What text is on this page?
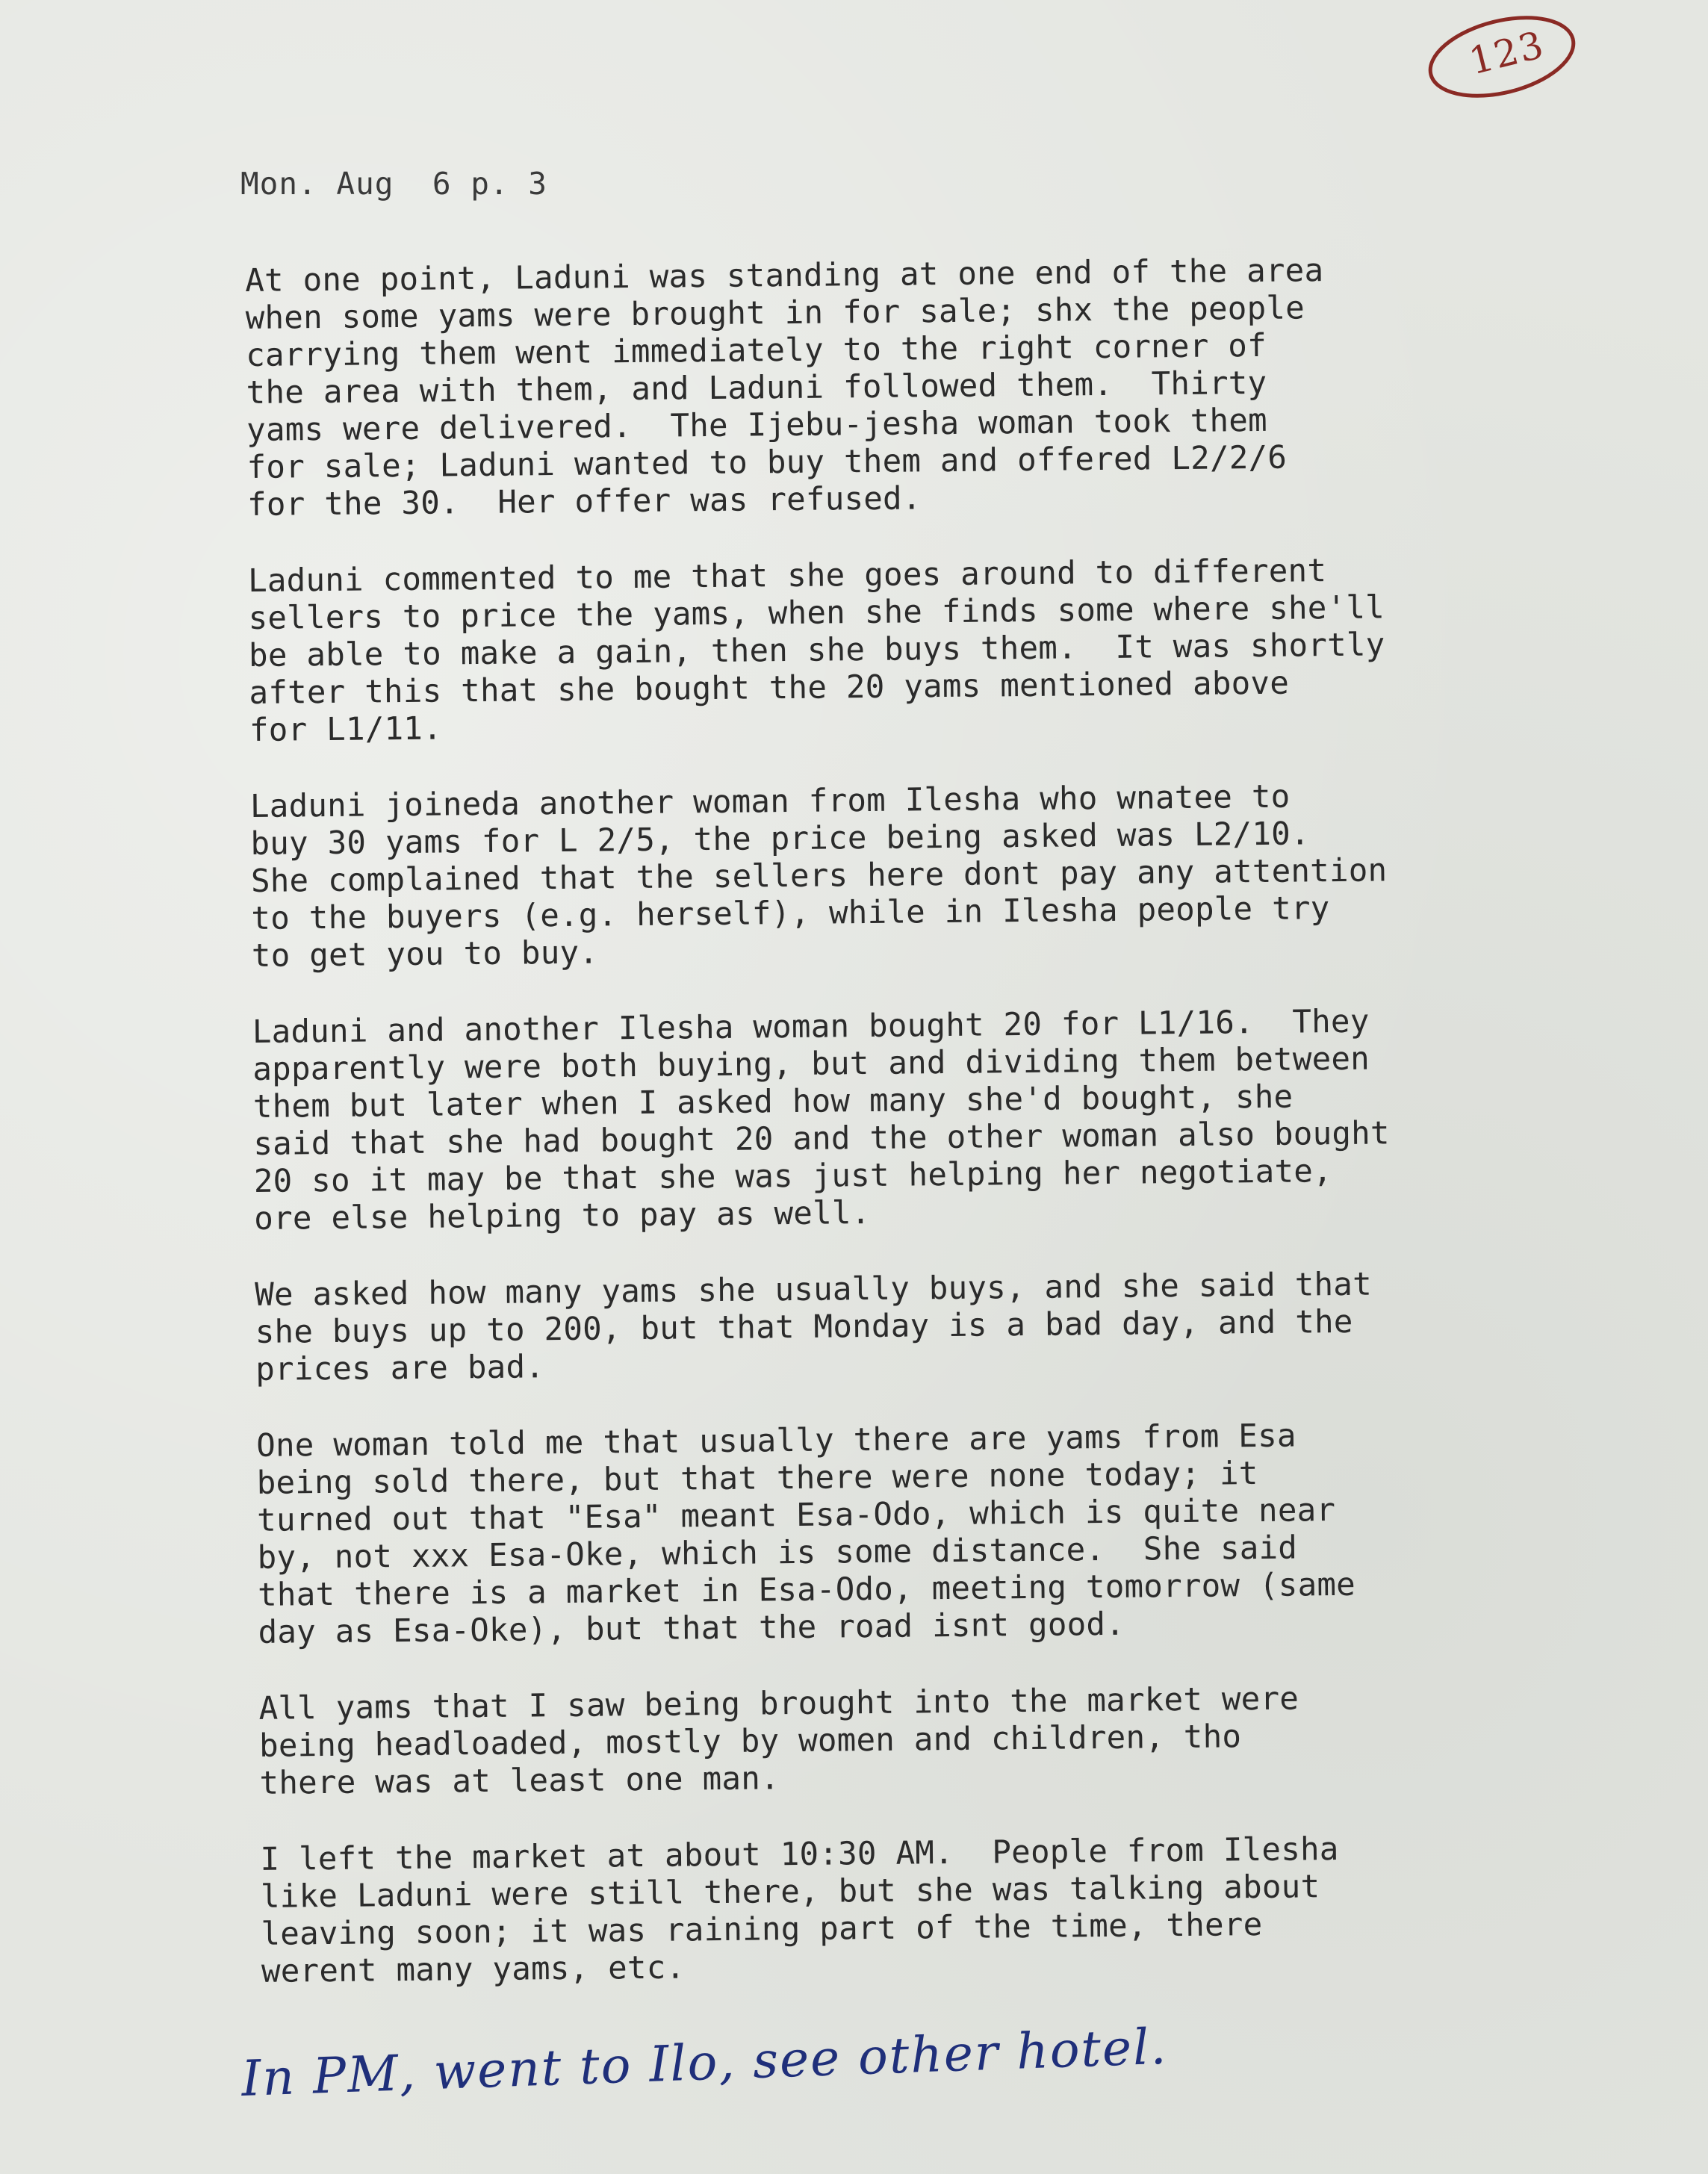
123
Mon. Aug  6 p. 3
At one point, Laduni was standing at one end of the area
when some yams were brought in for sale; shx the people
carrying them went immediately to the right corner of
the area with them, and Laduni followed them.  Thirty
yams were delivered.  The Ijebu-jesha woman took them
for sale; Laduni wanted to buy them and offered L2/2/6
for the 30.  Her offer was refused.
Laduni commented to me that she goes around to different
sellers to price the yams, when she finds some where she'll
be able to make a gain, then she buys them.  It was shortly
after this that she bought the 20 yams mentioned above
for L1/11.
Laduni joineda another woman from Ilesha who wnatee to
buy 30 yams for L 2/5, the price being asked was L2/10.
She complained that the sellers here dont pay any attention
to the buyers (e.g. herself), while in Ilesha people try
to get you to buy.
Laduni and another Ilesha woman bought 20 for L1/16.  They
apparently were both buying, but and dividing them between
them but later when I asked how many she'd bought, she
said that she had bought 20 and the other woman also bought
20 so it may be that she was just helping her negotiate,
ore else helping to pay as well.
We asked how many yams she usually buys, and she said that
she buys up to 200, but that Monday is a bad day, and the
prices are bad.
One woman told me that usually there are yams from Esa
being sold there, but that there were none today; it
turned out that "Esa" meant Esa-Odo, which is quite near
by, not xxx Esa-Oke, which is some distance.  She said
that there is a market in Esa-Odo, meeting tomorrow (same
day as Esa-Oke), but that the road isnt good.
All yams that I saw being brought into the market were
being headloaded, mostly by women and children, tho
there was at least one man.
I left the market at about 10:30 AM.  People from Ilesha
like Laduni were still there, but she was talking about
leaving soon; it was raining part of the time, there
werent many yams, etc.
In PM, went to Ilo, see other hotel.
